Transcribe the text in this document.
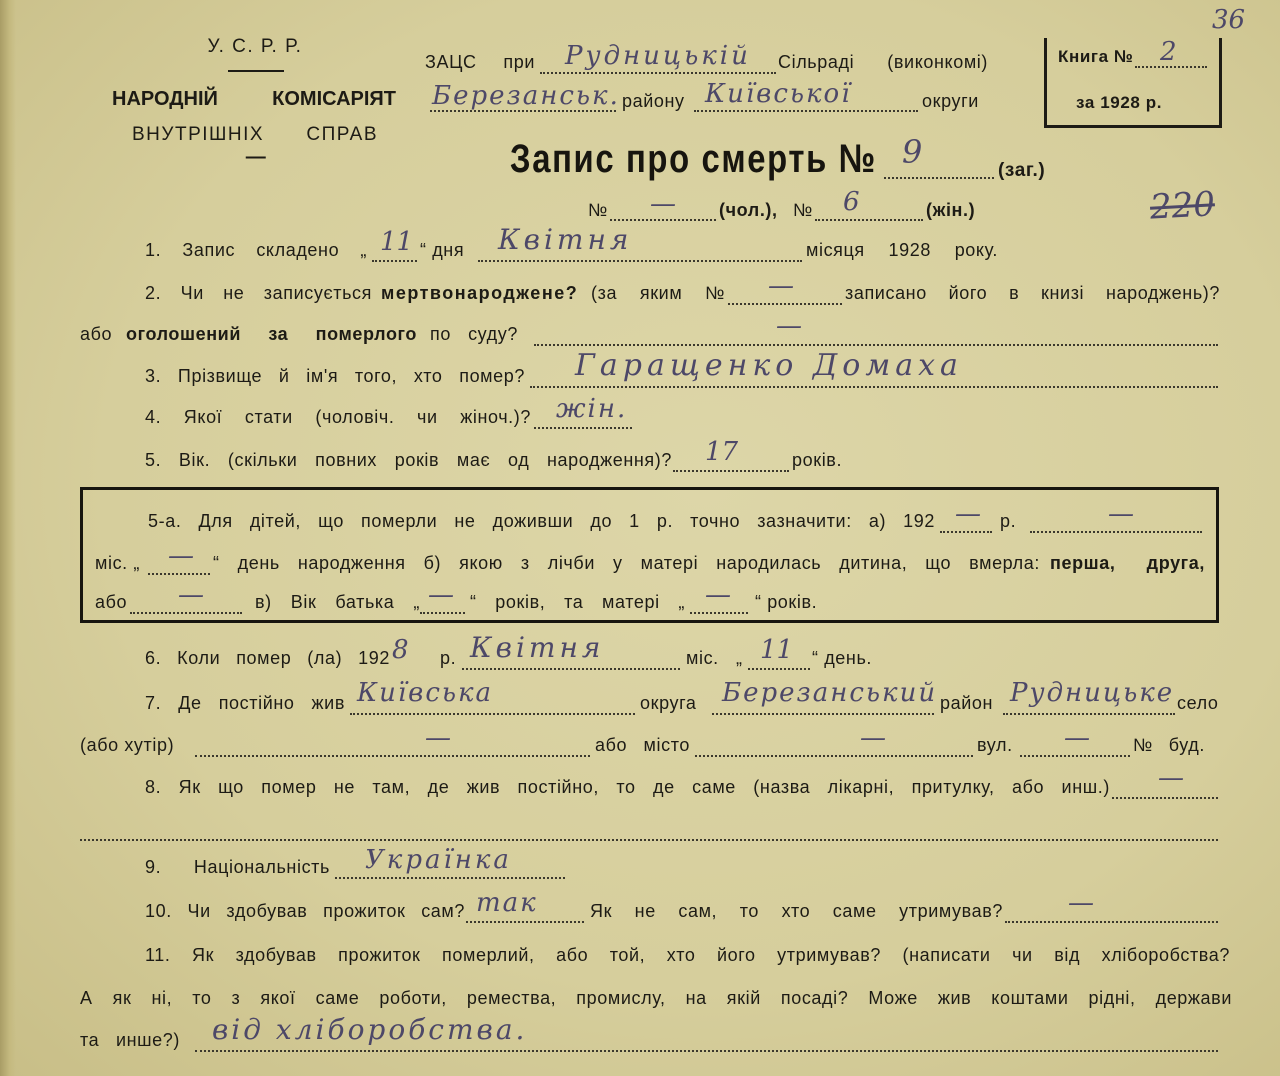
У. С. Р. Р.
НАРОДНІЙ КОМІСАРІЯТ
ВНУТРІШНІХ СПРАВ
—
ЗАЦС при Рудницькій Сільраді (виконкомі)
Березанськ. району Київської	округи
Книга № 2
за 1928 р.
36
Запис про смерть № 9	(заг.)
№ — (чол.), № 6	(жін.)	220
1. Запис складено „ 11 “ дня Квітня	місяця 1928 року.
2. Чи не записується мертвонароджене? (за яким № —	записано його в книзі народжень)?
або оголошений за померлого по суду?	—
3. Прізвище й ім'я того, хто помер? Гаращенко Домаха
4. Якої стати (чоловіч. чи жіноч.)? жін.
5. Вік. (скільки повних років має од народження)? 17	років.
5-а. Для дітей, що померли не доживши до 1 р. точно зазначити: а) 192 — р.	—
міс. „ — “ день народження б) якою з лічби у матері народилась дитина, що вмерла: перша, друга,
або —	в) Вік батька „ — “ років, та матері „ — “ років.
6. Коли помер (ла) 192 8 р. Квітня	міс. „ 11 “ день.
7. Де постійно жив Київська	округа Березанський район Рудницьке село
(або хутір)	—	або місто	—	вул. — № буд.
8. Як що помер не там, де жив постійно, то де саме (назва лікарні, притулку, або инш.) —
9. Національність Українка
10. Чи здобував прожиток сам? так	Як не сам, то хто саме утримував?	—
11. Як здобував прожиток померлий, або той, хто його утримував? (написати чи від хліборобства?
А як ні, то з якої саме роботи, ремества, промислу, на якій посаді? Може жив коштами рідні, держави
та инше?) від хліборобства.
